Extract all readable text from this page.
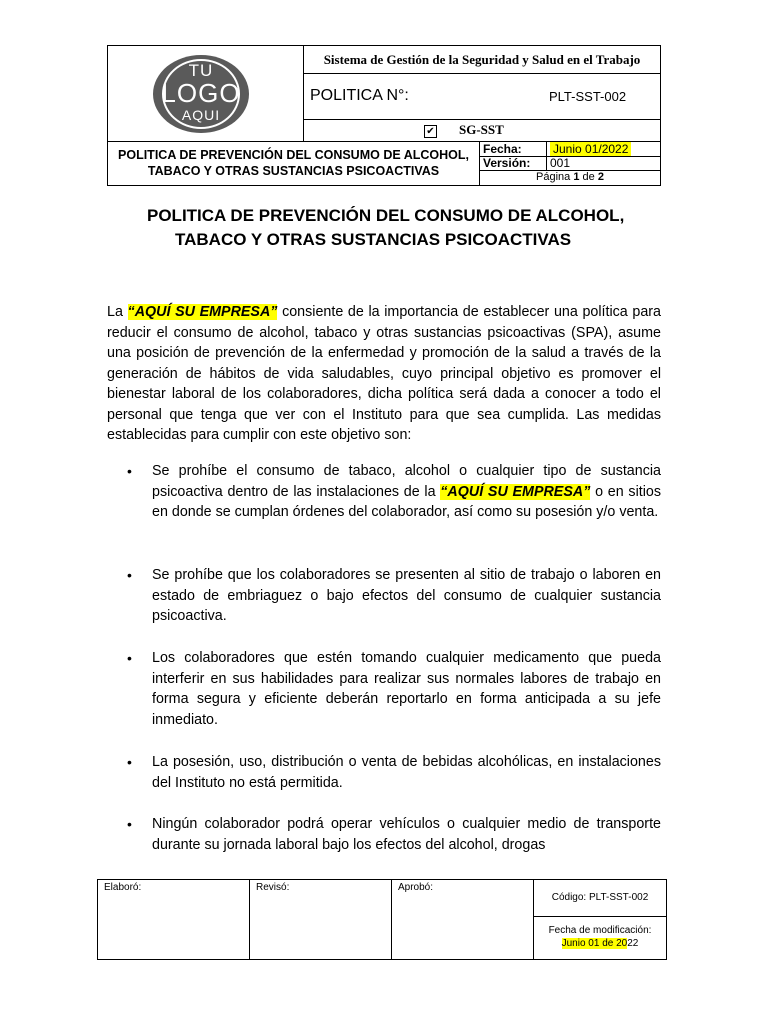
TU
LOGO
AQUI
Sistema de Gestión de la Seguridad y Salud en el Trabajo
POLITICA N°:	PLT-SST-002
✔ SG-SST
POLITICA DE PREVENCIÓN DEL CONSUMO DE ALCOHOL,
TABACO Y OTRAS SUSTANCIAS PSICOACTIVAS
Fecha:	Junio 01/2022
Versión:	001
Página 1 de 2
POLITICA DE PREVENCIÓN DEL CONSUMO DE ALCOHOL,
TABACO Y OTRAS SUSTANCIAS PSICOACTIVAS

La “AQUÍ SU EMPRESA” consiente de la importancia de establecer una política para reducir el consumo de alcohol, tabaco y otras sustancias psicoactivas (SPA), asume una posición de prevención de la enfermedad y promoción de la salud a través de la generación de hábitos de vida saludables, cuyo principal objetivo es promover el bienestar laboral de los colaboradores, dicha política será dada a conocer a todo el personal que tenga que ver con el Instituto para que sea cumplida. Las medidas establecidas para cumplir con este objetivo son:

• Se prohíbe el consumo de tabaco, alcohol o cualquier tipo de sustancia psicoactiva dentro de las instalaciones de la “AQUÍ SU EMPRESA” o en sitios en donde se cumplan órdenes del colaborador, así como su posesión y/o venta.

• Se prohíbe que los colaboradores se presenten al sitio de trabajo o laboren en estado de embriaguez o bajo efectos del consumo de cualquier sustancia psicoactiva.

• Los colaboradores que estén tomando cualquier medicamento que pueda interferir en sus habilidades para realizar sus normales labores de trabajo en forma segura y eficiente deberán reportarlo en forma anticipada a su jefe inmediato.

• La posesión, uso, distribución o venta de bebidas alcohólicas, en instalaciones del Instituto no está permitida.

• Ningún colaborador podrá operar vehículos o cualquier medio de transporte durante su jornada laboral bajo los efectos del alcohol, drogas

Elaboró:	Revisó:	Aprobó:
Código: PLT-SST-002
Fecha de modificación:
Junio 01 de 2022
